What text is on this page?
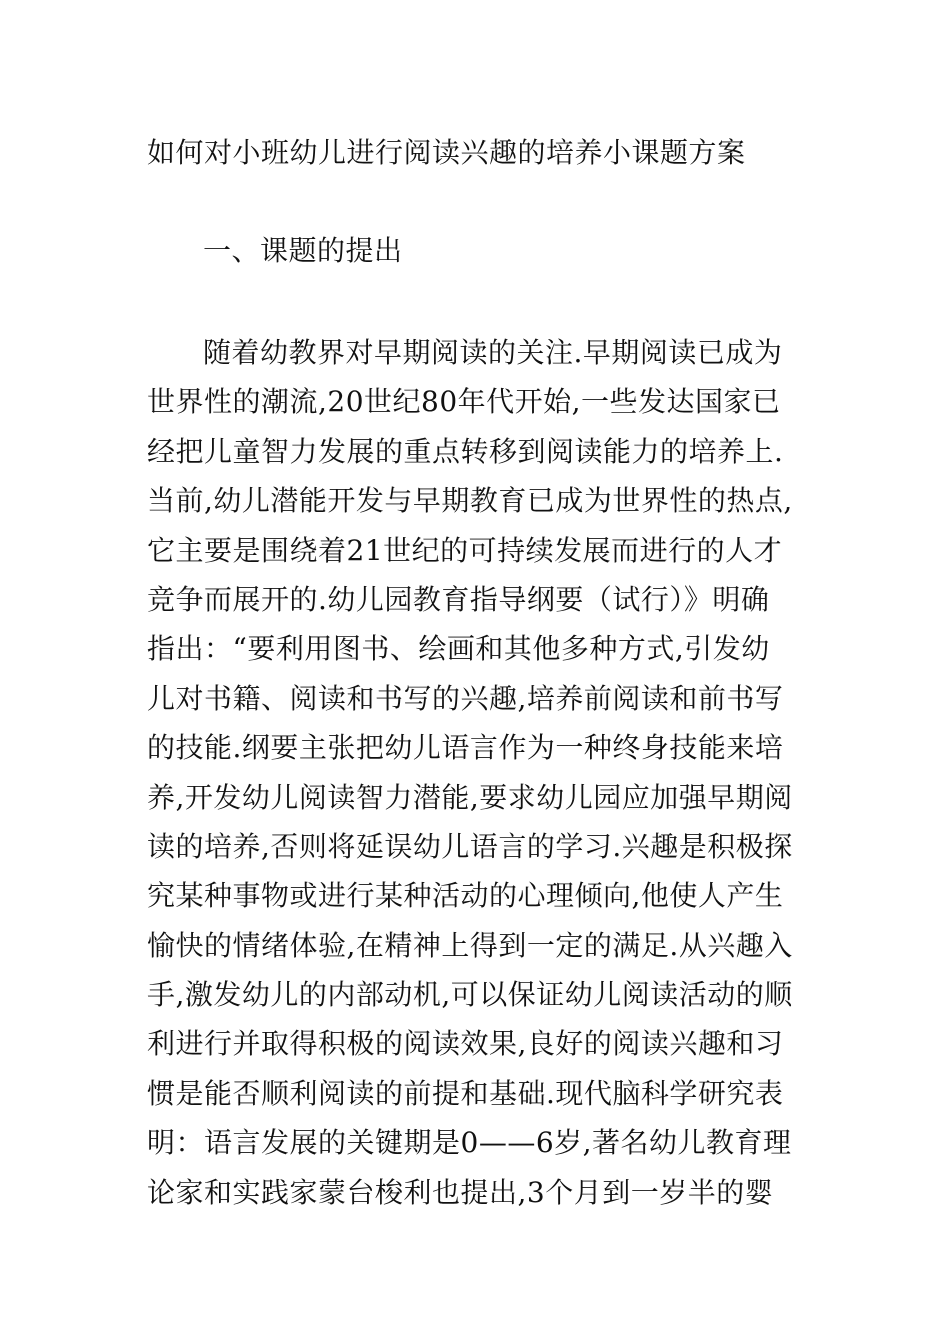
如何对小班幼儿进行阅读兴趣的培养小课题方案
一、课题的提出
随着幼教界对早期阅读的关注.早期阅读已成为
世界性的潮流,20世纪80年代开始,一些发达国家已
经把儿童智力发展的重点转移到阅读能力的培养上.
当前,幼儿潜能开发与早期教育已成为世界性的热点,
它主要是围绕着21世纪的可持续发展而进行的人才
竞争而展开的.幼儿园教育指导纲要（试行）》明确
指出：“要利用图书、绘画和其他多种方式,引发幼
儿对书籍、阅读和书写的兴趣,培养前阅读和前书写
的技能.纲要主张把幼儿语言作为一种终身技能来培
养,开发幼儿阅读智力潜能,要求幼儿园应加强早期阅
读的培养,否则将延误幼儿语言的学习.兴趣是积极探
究某种事物或进行某种活动的心理倾向,他使人产生
愉快的情绪体验,在精神上得到一定的满足.从兴趣入
手,激发幼儿的内部动机,可以保证幼儿阅读活动的顺
利进行并取得积极的阅读效果,良好的阅读兴趣和习
惯是能否顺利阅读的前提和基础.现代脑科学研究表
明：语言发展的关键期是0——6岁,著名幼儿教育理
论家和实践家蒙台梭利也提出,3个月到一岁半的婴
